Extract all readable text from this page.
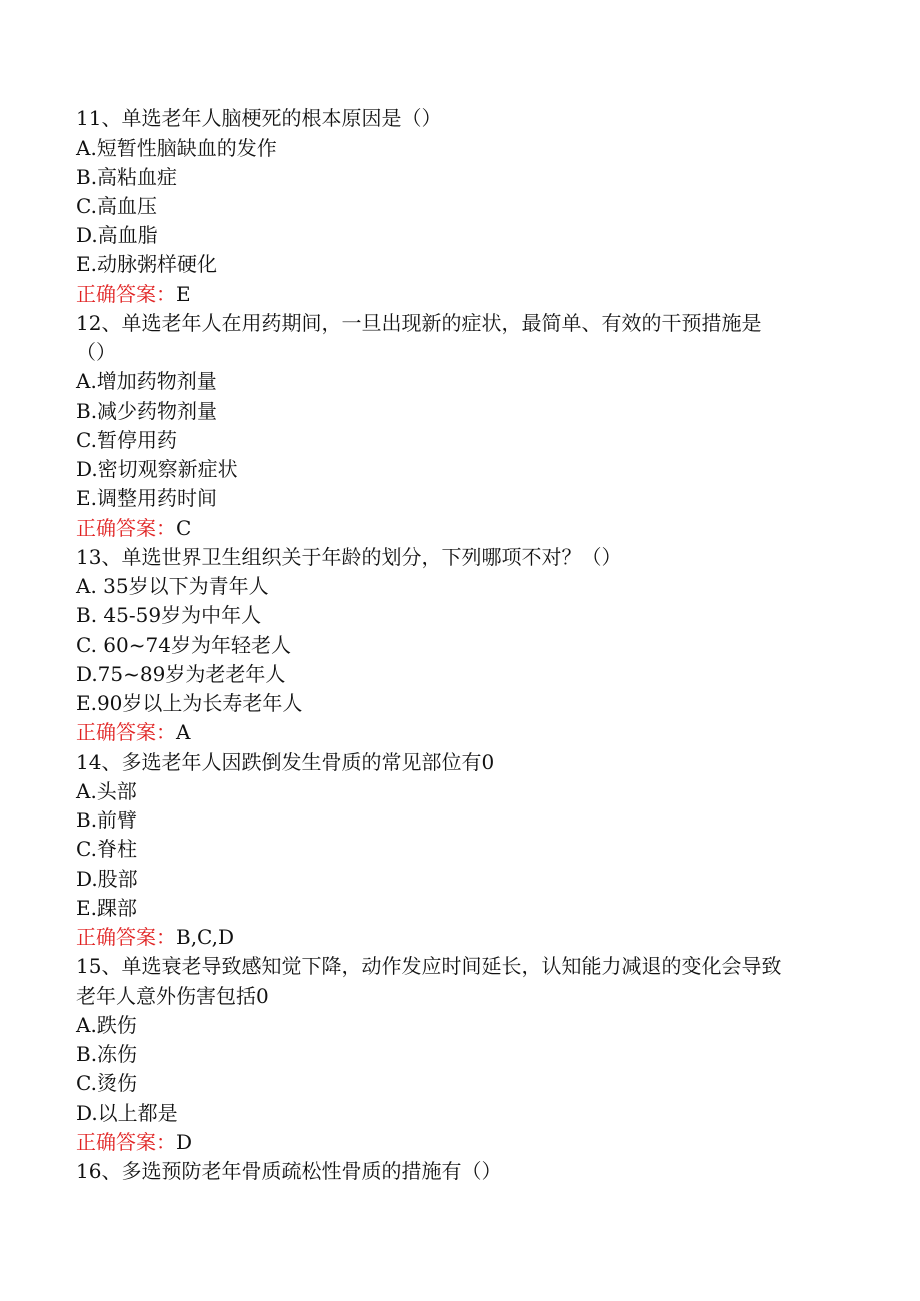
11、单选老年人脑梗死的根本原因是（）
A.短暂性脑缺血的发作
B.高粘血症
C.高血压
D.高血脂
E.动脉粥样硬化
正确答案：E
12、单选老年人在用药期间，一旦出现新的症状，最简单、有效的干预措施是
（）
A.增加药物剂量
B.减少药物剂量
C.暂停用药
D.密切观察新症状
E.调整用药时间
正确答案：C
13、单选世界卫生组织关于年龄的划分，下列哪项不对？（）
A. 35岁以下为青年人
B. 45-59岁为中年人
C. 60~74岁为年轻老人
D.75~89岁为老老年人
E.90岁以上为长寿老年人
正确答案：A
14、多选老年人因跌倒发生骨质的常见部位有0
A.头部
B.前臂
C.脊柱
D.股部
E.踝部
正确答案：B,C,D
15、单选衰老导致感知觉下降，动作发应时间延长，认知能力减退的变化会导致
老年人意外伤害包括0
A.跌伤
B.冻伤
C.烫伤
D.以上都是
正确答案：D
16、多选预防老年骨质疏松性骨质的措施有（）
